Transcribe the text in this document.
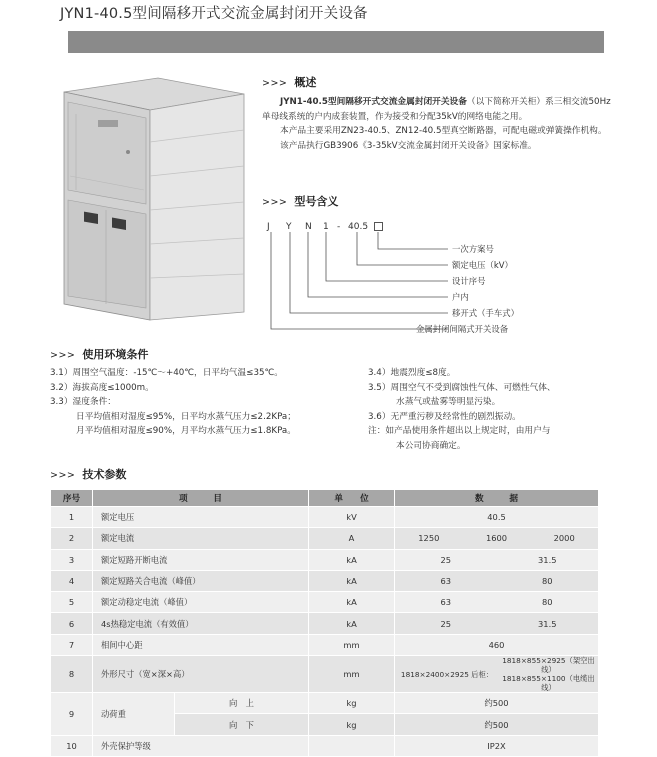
JYN1-40.5型间隔移开式交流金属封闭开关设备
>>> 概述

JYN1-40.5型间隔移开式交流金属封闭开关设备（以下简称开关柜）系三相交流50Hz单母线系统的户内成套装置，作为接受和分配35kV的网络电能之用。

本产品主要采用ZN23-40.5、ZN12-40.5型真空断路器，可配电磁或弹簧操作机构。

该产品执行GB3906《3-35kV交流金属封闭开关设备》国家标准。

>>> 型号含义
J Y N 1 - 40.5
一次方案号
额定电压（kV）
设计序号
户内
移开式（手车式）
金属封闭间隔式开关设备
>>> 使用环境条件
3.1）周围空气温度：-15℃～+40℃，日平均气温≤35℃。
3.2）海拔高度≤1000m。
3.3）湿度条件：
日平均值相对湿度≤95%，日平均水蒸气压力≤2.2KPa；
月平均值相对湿度≤90%，月平均水蒸气压力≤1.8KPa。
3.4）地震烈度≤8度。
3.5）周围空气不受到腐蚀性气体、可燃性气体、
水蒸气或盐雾等明显污染。
3.6）无严重污秽及经常性的剧烈振动。
注：如产品使用条件超出以上规定时，由用户与
本公司协商确定。
>>> 技术参数
序号	项　　　目		单　　位	数　　　据
1	额定电压		kV	40.5
2	额定电流		A	1250 1600 2000

3	额定短路开断电流		kA	25 31.5

4	额定短路关合电流（峰值）		kA	63 80

5	额定动稳定电流（峰值）		kA	63 80

6	4s热稳定电流（有效值）		kA	25 31.5

7	相间中心距		mm	460
8	外形尺寸（宽×深×高）		mm	1818×2400×2925 后柜：
1818×855×2925（架空出线）
1818×855×1100（电缆出线）

9	动荷重	向　上	kg	约500
		向　下	kg	约500
10	外壳保护等级			IP2X
